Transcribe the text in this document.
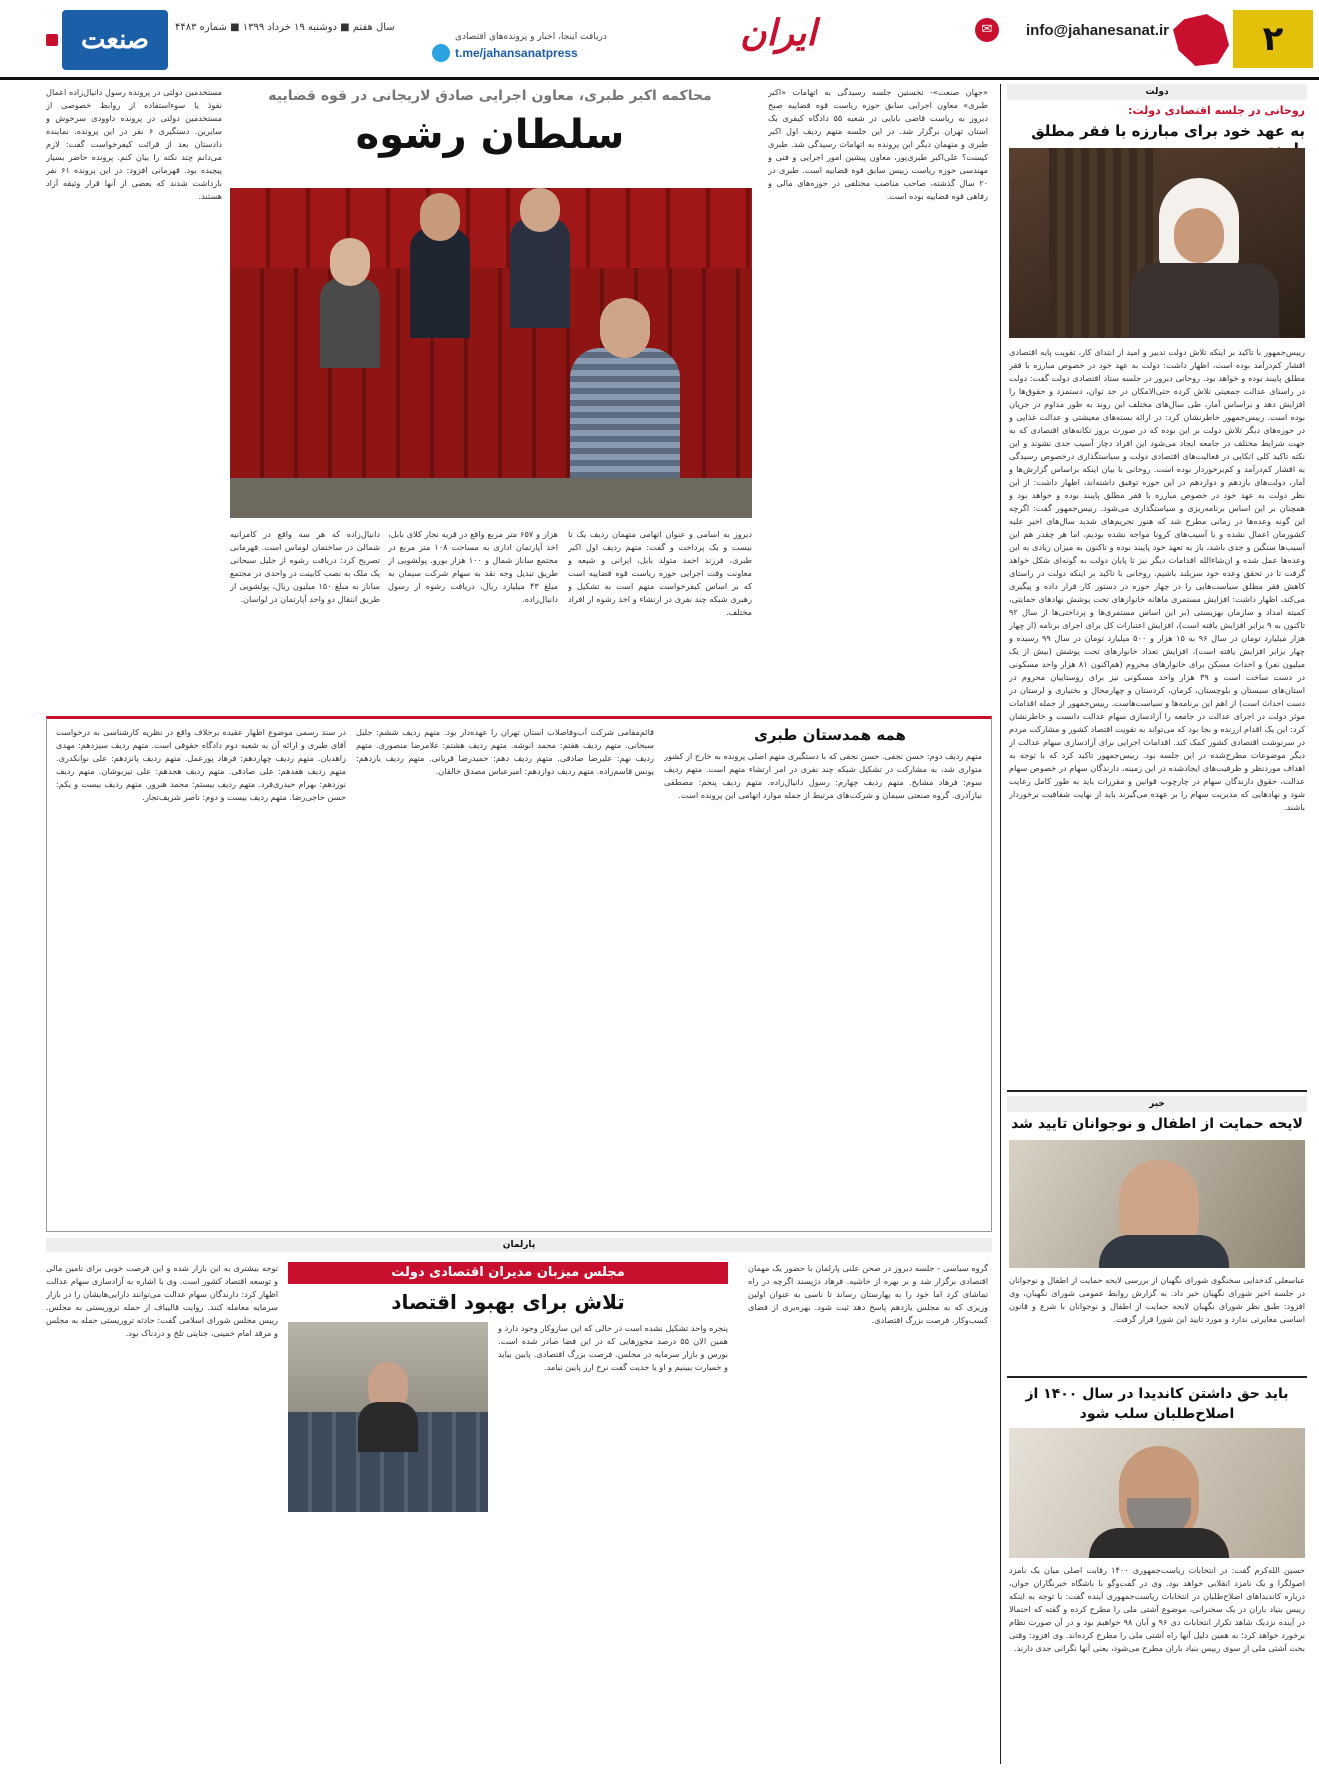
۲
info@jahanesanat.ir
✉
ایران
دریافت اینجا، اخبار و پرونده‌های اقتصادی
t.me/jahansanatpress
سال هفتم ■ دوشنبه ۱۹ خرداد ۱۳۹۹ ■ شماره ۴۴۸۳
صنعت
دولت
روحانی در جلسه اقتصادی دولت:
به عهد خود برای مبارزه با فقر مطلق
رییس‌جمهور با تاکید بر اینکه تلاش دولت تدبیر و امید از ابتدای کار، تقویت پایه اقتصادی اقشار کم‌درآمد بوده است، اظهار داشت: دولت به عهد خود در خصوص مبارزه با فقر مطلق پایبند بوده و خواهد بود. روحانی دیروز در جلسه ستاد اقتصادی دولت گفت: دولت در راستای عدالت جمعیتی تلاش کرده حتی‌الامکان در حد توان، دستمزد و حقوق‌ها را افزایش دهد و براساس آمار، طی سال‌های مختلف این روند به طور مداوم در جریان بوده است. رییس‌جمهور خاطرنشان کرد: در ارائه بسته‌های معیشتی و عدالت غذایی و در حوزه‌های دیگر تلاش دولت بر این بوده که در صورت بروز تکانه‌های اقتصادی که به جهت شرایط مختلف در جامعه ایجاد می‌شود این افراد دچار آسیب جدی نشوند و این نکته تاکید کلی اتکایی در فعالیت‌های اقتصادی دولت و سیاستگذاری درخصوص رسیدگی به اقشار کم‌درآمد و کم‌برخوردار بوده است. روحانی با بیان اینکه براساس گزارش‌ها و آمار، دولت‌های یازدهم و دوازدهم در این حوزه توفیق داشته‌اند، اظهار داشت: از این نظر دولت به عهد خود در خصوص مبارزه با فقر مطلق پایبند بوده و خواهد بود و همچنان بر این اساس برنامه‌ریزی و سیاستگذاری می‌شود. رییس‌جمهور گفت: اگرچه این گونه وعده‌ها در زمانی مطرح شد که هنوز تحریم‌های شدید سال‌های اخیر علیه کشورمان اعمال نشده و با آسیب‌های کرونا مواجه نشده بودیم، اما هر چقدر هم این آسیب‌ها سنگین و جدی باشد، باز به تعهد خود پایبند بوده و تاکنون به میزان زیادی به این وعده‌ها عمل شده و ان‌شاءالله اقدامات دیگر نیز تا پایان دولت به گونه‌ای شکل خواهد گرفت تا در تحقق وعده خود سربلند باشیم. روحانی با تاکید بر اینکه دولت در راستای کاهش فقر مطلق سیاست‌هایی را در چهار حوزه در دستور کار قرار داده و پیگیری می‌کند، اظهار داشت: افزایش مستمری ماهانه خانوارهای تحت پوشش نهادهای حمایتی، کمیته امداد و سازمان بهزیستی (بر این اساس مستمری‌ها و پرداختی‌ها از سال ۹۲ تاکنون به ۹ برابر افزایش یافته است)، افزایش اعتبارات کل برای اجرای برنامه (از چهار هزار میلیارد تومان در سال ۹۶ به ۱۵ هزار و ۵۰۰ میلیارد تومان در سال ۹۹ رسیده و چهار برابر افزایش یافته است)، افزایش تعداد خانوارهای تحت پوشش (بیش از یک میلیون نفر) و احداث مسکن برای خانوارهای محروم (هم‌اکنون ۸۱ هزار واحد مسکونی در دست ساخت است و ۳۹ هزار واحد مسکونی نیز برای روستاییان محروم در استان‌های سیستان و بلوچستان، کرمان، کردستان و چهارمحال و بختیاری و لرستان در دست احداث است) از اهم این برنامه‌ها و سیاست‌هاست. رییس‌جمهور از جمله اقدامات موثر دولت در اجرای عدالت در جامعه را آزادسازی سهام عدالت دانست و خاطرنشان کرد: این یک اقدام ارزنده و بجا بود که می‌تواند به تقویت اقتصاد کشور و مشارکت مردم در سرنوشت اقتصادی کشور کمک کند. اقدامات اجرایی برای آزادسازی سهام عدالت از دیگر موضوعات مطرح‌شده در این جلسه بود. رییس‌جمهور تاکید کرد که با توجه به اهداف مورد‌نظر و ظرفیت‌های ایجادشده در این زمینه، دارندگان سهام در خصوص سهام عدالت، حقوق دارندگان سهام در چارچوب قوانین و مقررات باید به طور کامل رعایت شود و نهادهایی که مدیریت سهام را بر عهده می‌گیرند باید از نهایت شفافیت برخوردار باشند.
خبر
لایحه حمایت از اطفال و نوجوانان تایید شد
عباسعلی کدخدایی سخنگوی شورای نگهبان از بررسی لایحه حمایت از اطفال و نوجوانان در جلسه اخیر شورای نگهبان خبر داد. به گزارش روابط عمومی شورای نگهبان، وی افزود: طبق نظر شورای نگهبان لایحه حمایت از اطفال و نوجوانان با شرع و قانون اساسی مغایرتی ندارد و مورد تایید این شورا قرار گرفت.
باید حق داشتن کاندیدا در سال ۱۴۰۰ از اصلاح‌طلبان سلب شود
حسین الله‌کرم گفت: در انتخابات ریاست‌جمهوری ۱۴۰۰ رقابت اصلی میان یک نامزد اصولگرا و یک نامزد انقلابی خواهد بود. وی در گفت‌وگو با باشگاه خبرنگاران جوان، درباره کاندیداهای اصلاح‌طلبان در انتخابات ریاست‌جمهوری آینده گفت: با توجه به اینکه رییس بنیاد باران در یک سخنرانی، موضوع آشتی ملی را مطرح کرده و گفته که احتمالا در آینده نزدیک شاهد تکرار انتخابات دی ۹۶ و آبان ۹۸ خواهیم بود و در آن صورت نظام برخورد خواهد کرد؛ به همین دلیل آنها راه آشتی ملی را مطرح کرده‌اند. وی افزود: وقتی بحث آشتی ملی از سوی رییس بنیاد باران مطرح می‌شود، یعنی آنها نگرانی جدی دارند.
محاکمه اکبر طبری، معاون اجرایی صادق لاریجانی در قوه قضاییه
سلطان رشوه
«جهان صنعت»- نخستین جلسه رسیدگی به اتهامات «اکبر طبری» معاون اجرایی سابق حوزه ریاست قوه قضاییه صبح دیروز به ریاست قاضی بابایی در شعبه ۵۵ دادگاه کیفری یک استان تهران برگزار شد. در این جلسه متهم ردیف اول اکبر طبری و متهمان دیگر این پرونده به اتهامات رسیدگی شد. طبری کیست؟ علی‌اکبر طبری‌پور، معاون پیشین امور اجرایی و فنی و مهندسی حوزه ریاست رییس سابق قوه قضاییه است. طبری در ۲۰ سال گذشته، صاحب مناصب مختلفی در حوزه‌های مالی و رفاهی قوه قضاییه بوده است.
دیروز به اسامی و عنوان اتهامی متهمان ردیف یک تا بیست و یک پرداخت و گفت: متهم ردیف اول اکبر طبری، فرزند احمد متولد بابل، ایرانی و شیعه و معاونت وقت اجرایی حوزه ریاست قوه قضاییه است که بر اساس کیفرخواست متهم است به تشکیل و رهبری شبکه چند نفری در ارتشاء و اخذ رشوه از افراد مختلف.
هزار و ۶۵۷ متر مربع واقع در قریه نجار کلای بابل، اخذ آپارتمان اداری به مساحت ۱۰۸ متر مربع در مجتمع ساناز شمال و ۱۰۰ هزار یورو. پولشویی از طریق تبدیل وجه نقد به سهام شرکت سیمان به مبلغ ۴۳ میلیارد ریال، دریافت رشوه از رسول دانیال‌زاده.
دانیال‌زاده که هر سه واقع در کامرانیه شمالی در ساختمان لوماس است. قهرمانی تصریح کرد: دریافت رشوه از جلیل سبحانی یک ملک به نصب کابینت در واحدی در مجتمع ساناز به مبلغ ۱۵۰ میلیون ریال، پولشویی از طریق انتقال دو واحد آپارتمان در لواسان.
مستخدمین دولتی در پرونده رسول دانیال‌زاده اعمال نفوذ یا سوءاستفاده از روابط خصوصی از مستخدمین دولتی در پرونده داوودی سرخوش و سایرین. دستگیری ۶ نفر در این پرونده. نماینده دادستان بعد از قرائت کیفرخواست گفت: لازم می‌دانم چند نکته را بیان کنم. پرونده حاضر بسیار پیچیده بود. قهرمانی افزود: در این پرونده ۶۱ نفر بازداشت شدند که بعضی از آنها قرار وثیقه آزاد هستند.
همه همدستان طبری
متهم ردیف دوم: حسن نجفی. حسن نجفی که با دستگیری متهم اصلی پرونده به خارج از کشور متواری شد، به مشارکت در تشکیل شبکه چند نفری در امر ارتشاء متهم است. متهم ردیف سوم: فرهاد مشایخ. متهم ردیف چهارم: رسول دانیال‌زاده. متهم ردیف پنجم: مصطفی نیازآذری. گروه صنعتی سیمان و شرکت‌های مرتبط از جمله موارد اتهامی این پرونده است.
قائم‌مقامی شرکت آب‌وفاضلاب استان تهران را عهده‌دار بود. متهم ردیف ششم: جلیل سبحانی. متهم ردیف هفتم: محمد انوشه. متهم ردیف هشتم: غلامرضا منصوری. متهم ردیف نهم: علیرضا صادقی. متهم ردیف دهم: حمیدرضا قربانی. متهم ردیف یازدهم: یونس قاسم‌زاده. متهم ردیف دوازدهم: امیرعباس مصدق خالقان.
در سند رسمی موضوع اظهار عقیده برخلاف واقع در نظریه کارشناسی به درخواست آقای طبری و ارائه آن به شعبه دوم دادگاه حقوقی است. متهم ردیف سیزدهم: مهدی زاهدیان. متهم ردیف چهاردهم: فرهاد پورعمل. متهم ردیف پانزدهم: علی نوانکدری. متهم ردیف هفدهم: علی صادقی. متهم ردیف هجدهم: علی تیربوشان. متهم ردیف نوزدهم: بهرام حیدری‌فرد. متهم ردیف بیستم: محمد هنرور. متهم ردیف بیست و یکم: حسن حاجی‌رضا. متهم ردیف بیست و دوم: ناصر شریف‌تجار.
پارلمان
مجلس میزبان مدیران اقتصادی دولت
تلاش برای بهبود اقتصاد
گروه سیاسی - جلسه دیروز در صحن علنی پارلمان با حضور یک مهمان اقتصادی برگزار شد و بر بهره از حاشیه. فرهاد دژپسند اگرچه در راه تماشای کرد اما خود را به پهارستان رساند تا ناسی به عنوان اولین وزیری که به مجلس یازدهم پاسخ دهد ثبت شود. بهره‌بری از فضای کسب‌وکار. فرصت بزرگ اقتصادی.
پنجره واحد تشکیل نشده است در حالی که این سازوکار وجود دارد و همین الان ۵۵ درصد مجوزهایی که در این فضا صادر شده است. بورس و بازار سرمایه در مجلس. فرصت بزرگ اقتصادی. پایین بیاید و خسارت ببینیم و او یا جدیت گفت نرخ ارز پایین نیامد.
توجه بیشتری به این بازار شده و این فرصت خوبی برای تامین مالی و توسعه اقتصاد کشور است. وی با اشاره به آزادسازی سهام عدالت اظهار کرد: دارندگان سهام عدالت می‌توانند دارایی‌هایشان را در بازار سرمایه معامله کنند. روایت قالیباف از حمله تروریستی به مجلس. رییس مجلس شورای اسلامی گفت: حادثه تروریستی حمله به مجلس و مرقد امام خمینی، جنایتی تلخ و دردناک بود.
